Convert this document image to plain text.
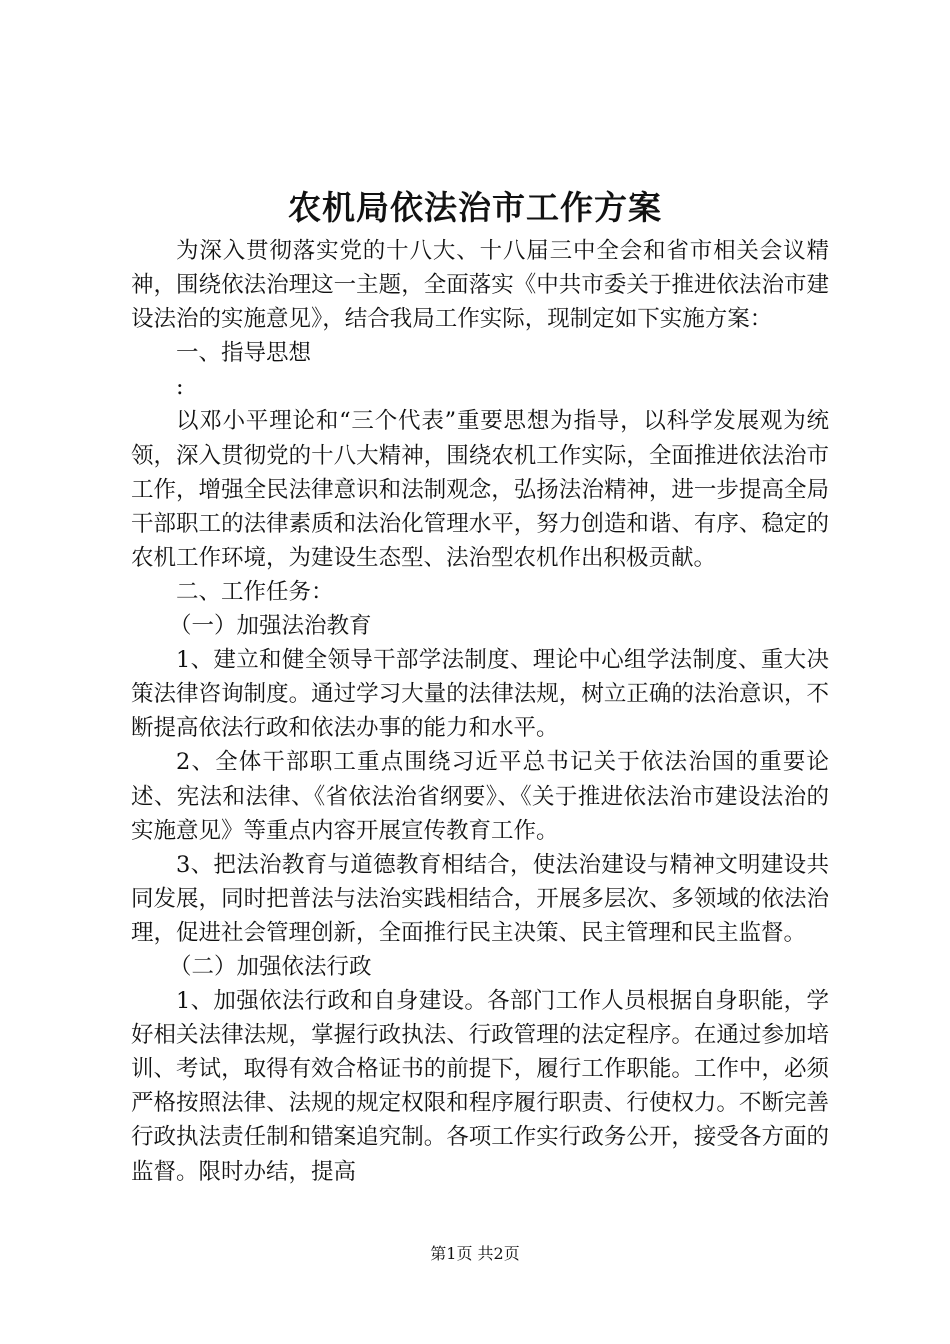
农机局依法治市工作方案

为深入贯彻落实党的十八大、十八届三中全会和省市相关会议精神，围绕依法治理这一主题，全面落实《中共市委关于推进依法治市建设法治的实施意见》，结合我局工作实际，现制定如下实施方案：

一、指导思想

:

以邓小平理论和“三个代表”重要思想为指导，以科学发展观为统领，深入贯彻党的十八大精神，围绕农机工作实际，全面推进依法治市工作，增强全民法律意识和法制观念，弘扬法治精神，进一步提高全局干部职工的法律素质和法治化管理水平，努力创造和谐、有序、稳定的农机工作环境，为建设生态型、法治型农机作出积极贡献。

二、工作任务：

（一）加强法治教育

1、建立和健全领导干部学法制度、理论中心组学法制度、重大决策法律咨询制度。通过学习大量的法律法规，树立正确的法治意识，不断提高依法行政和依法办事的能力和水平。

2、全体干部职工重点围绕习近平总书记关于依法治国的重要论述、宪法和法律、《省依法治省纲要》、《关于推进依法治市建设法治的实施意见》等重点内容开展宣传教育工作。

3、把法治教育与道德教育相结合，使法治建设与精神文明建设共同发展，同时把普法与法治实践相结合，开展多层次、多领域的依法治理，促进社会管理创新，全面推行民主决策、民主管理和民主监督。

（二）加强依法行政

1、加强依法行政和自身建设。各部门工作人员根据自身职能，学好相关法律法规，掌握行政执法、行政管理的法定程序。在通过参加培训、考试，取得有效合格证书的前提下，履行工作职能。工作中，必须严格按照法律、法规的规定权限和程序履行职责、行使权力。不断完善行政执法责任制和错案追究制。各项工作实行政务公开，接受各方面的监督。限时办结，提高

第1页 共2页
